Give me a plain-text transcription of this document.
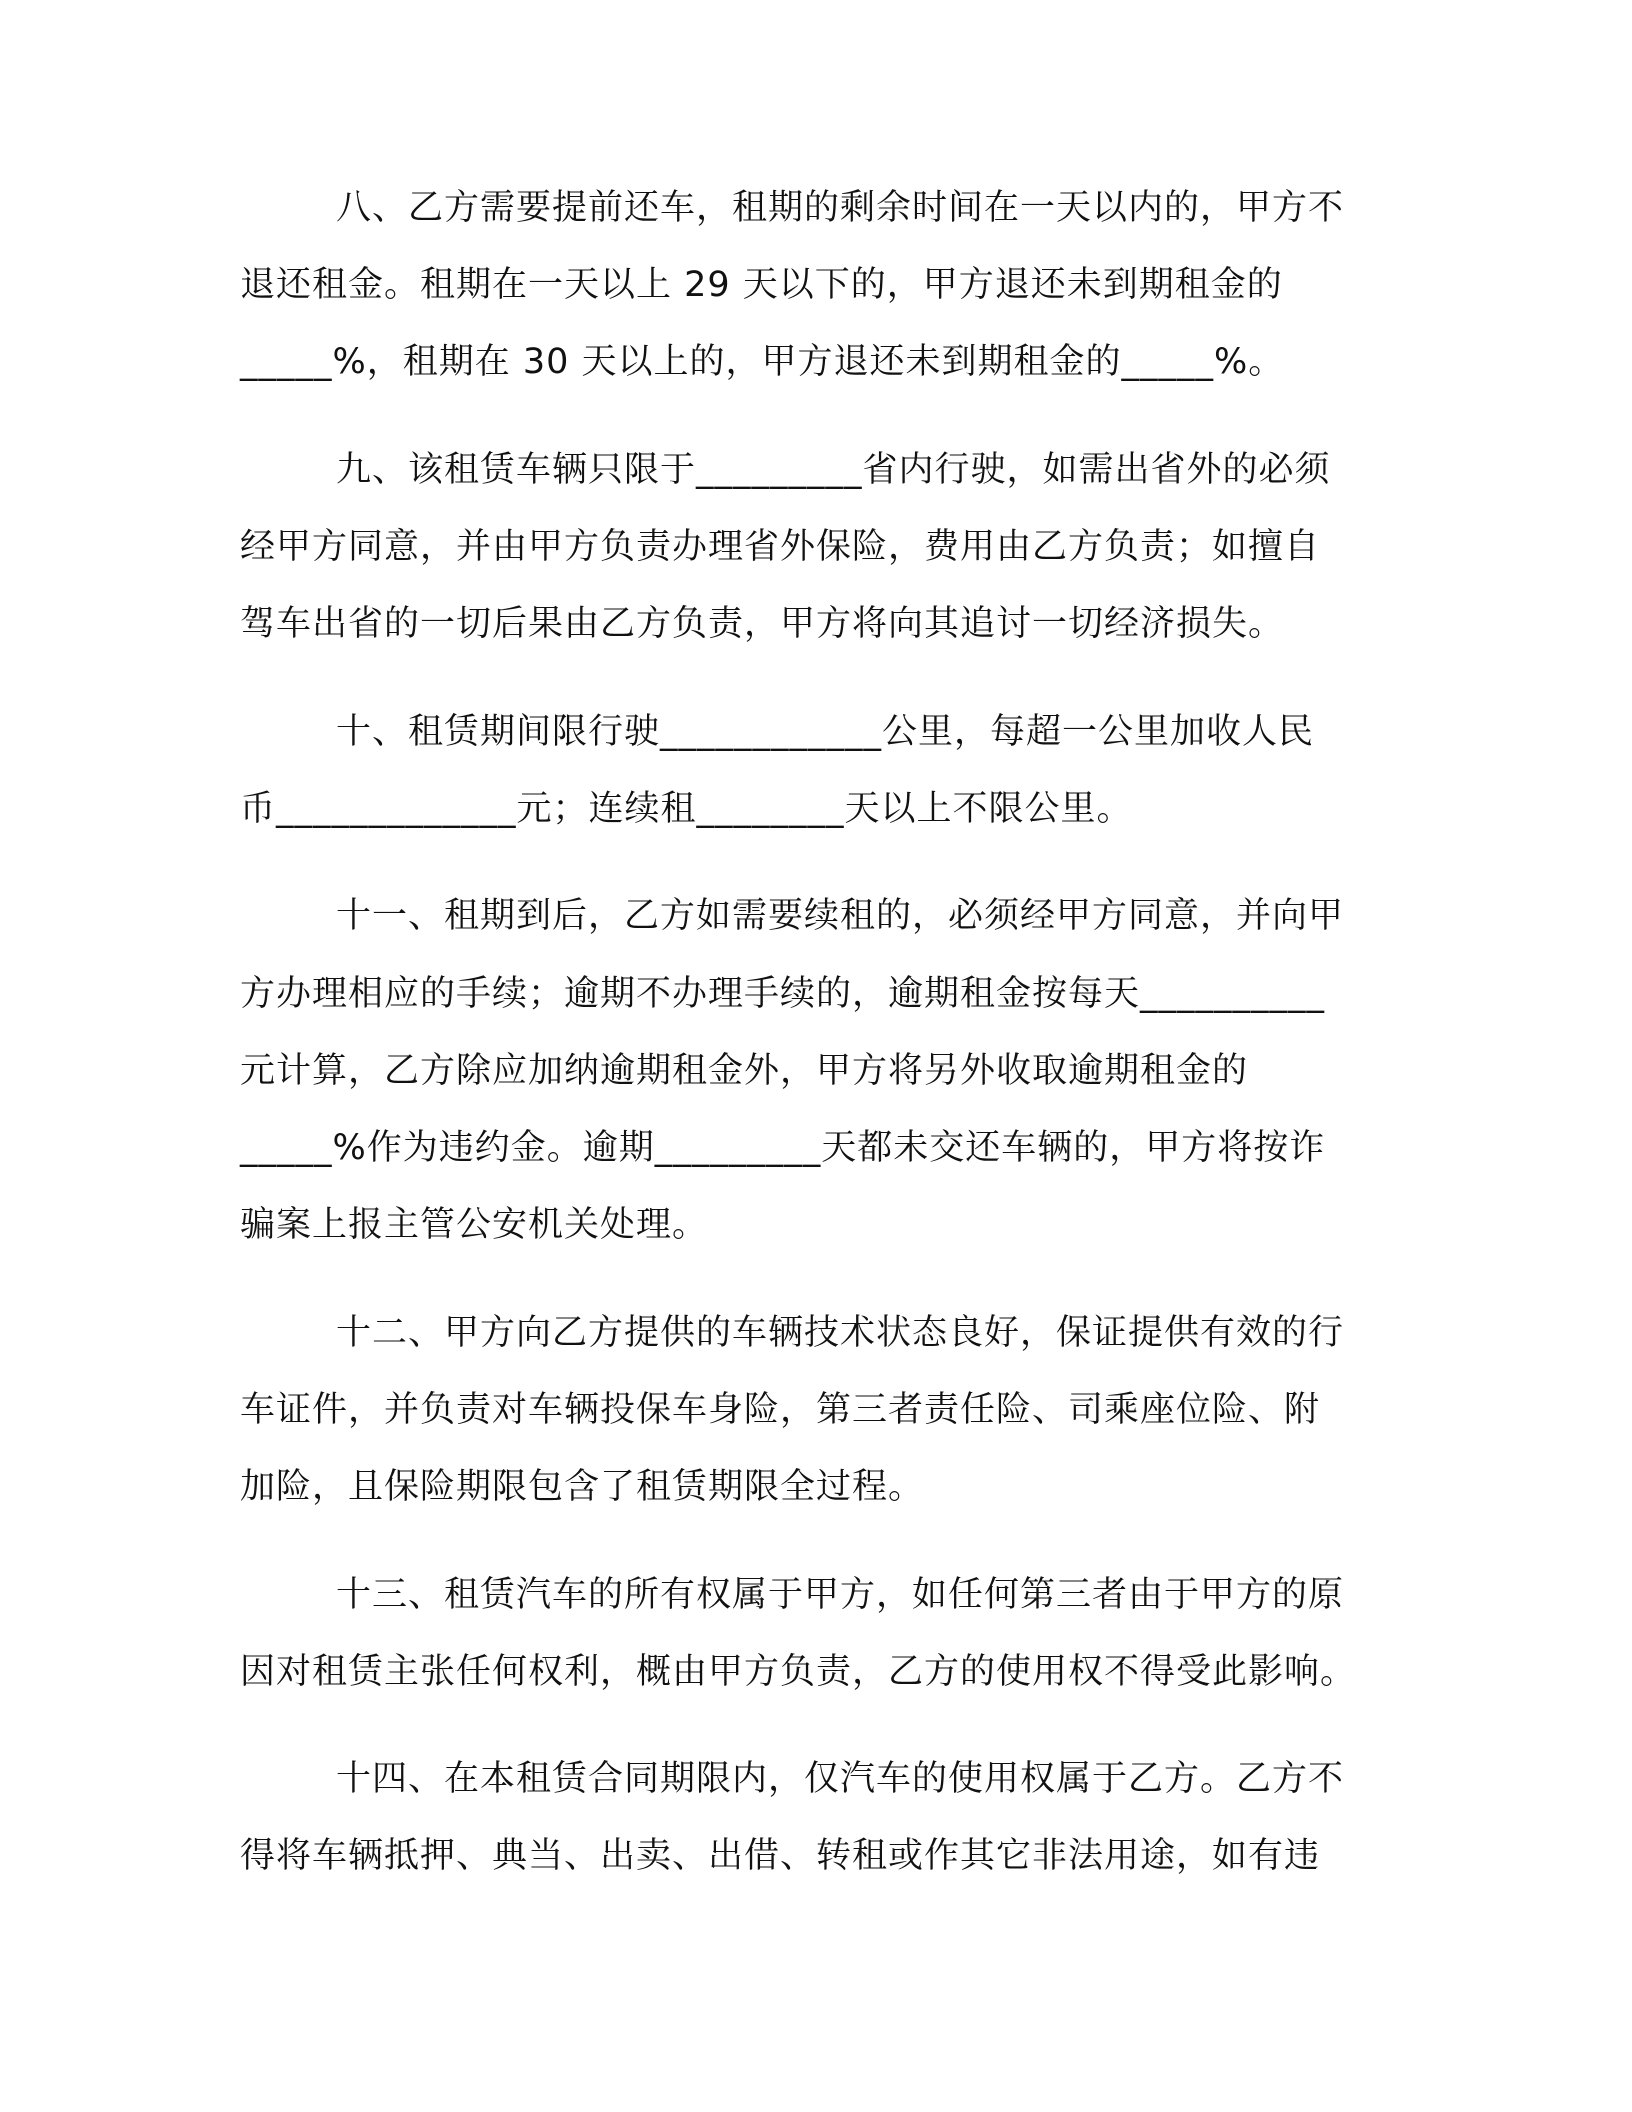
八、乙方需要提前还车，租期的剩余时间在一天以内的，甲方不
退还租金。租期在一天以上 29 天以下的，甲方退还未到期租金的
_____%，租期在 30 天以上的，甲方退还未到期租金的_____%。
九、该租赁车辆只限于_________省内行驶，如需出省外的必须
经甲方同意，并由甲方负责办理省外保险，费用由乙方负责；如擅自
驾车出省的一切后果由乙方负责，甲方将向其追讨一切经济损失。
十、租赁期间限行驶____________公里，每超一公里加收人民
币_____________元；连续租________天以上不限公里。
十一、租期到后，乙方如需要续租的，必须经甲方同意，并向甲
方办理相应的手续；逾期不办理手续的，逾期租金按每天__________
元计算，乙方除应加纳逾期租金外，甲方将另外收取逾期租金的
_____%作为违约金。逾期_________天都未交还车辆的，甲方将按诈
骗案上报主管公安机关处理。
十二、甲方向乙方提供的车辆技术状态良好，保证提供有效的行
车证件，并负责对车辆投保车身险，第三者责任险、司乘座位险、附
加险，且保险期限包含了租赁期限全过程。
十三、租赁汽车的所有权属于甲方，如任何第三者由于甲方的原
因对租赁主张任何权利，概由甲方负责，乙方的使用权不得受此影响。
十四、在本租赁合同期限内，仅汽车的使用权属于乙方。乙方不
得将车辆抵押、典当、出卖、出借、转租或作其它非法用途，如有违
